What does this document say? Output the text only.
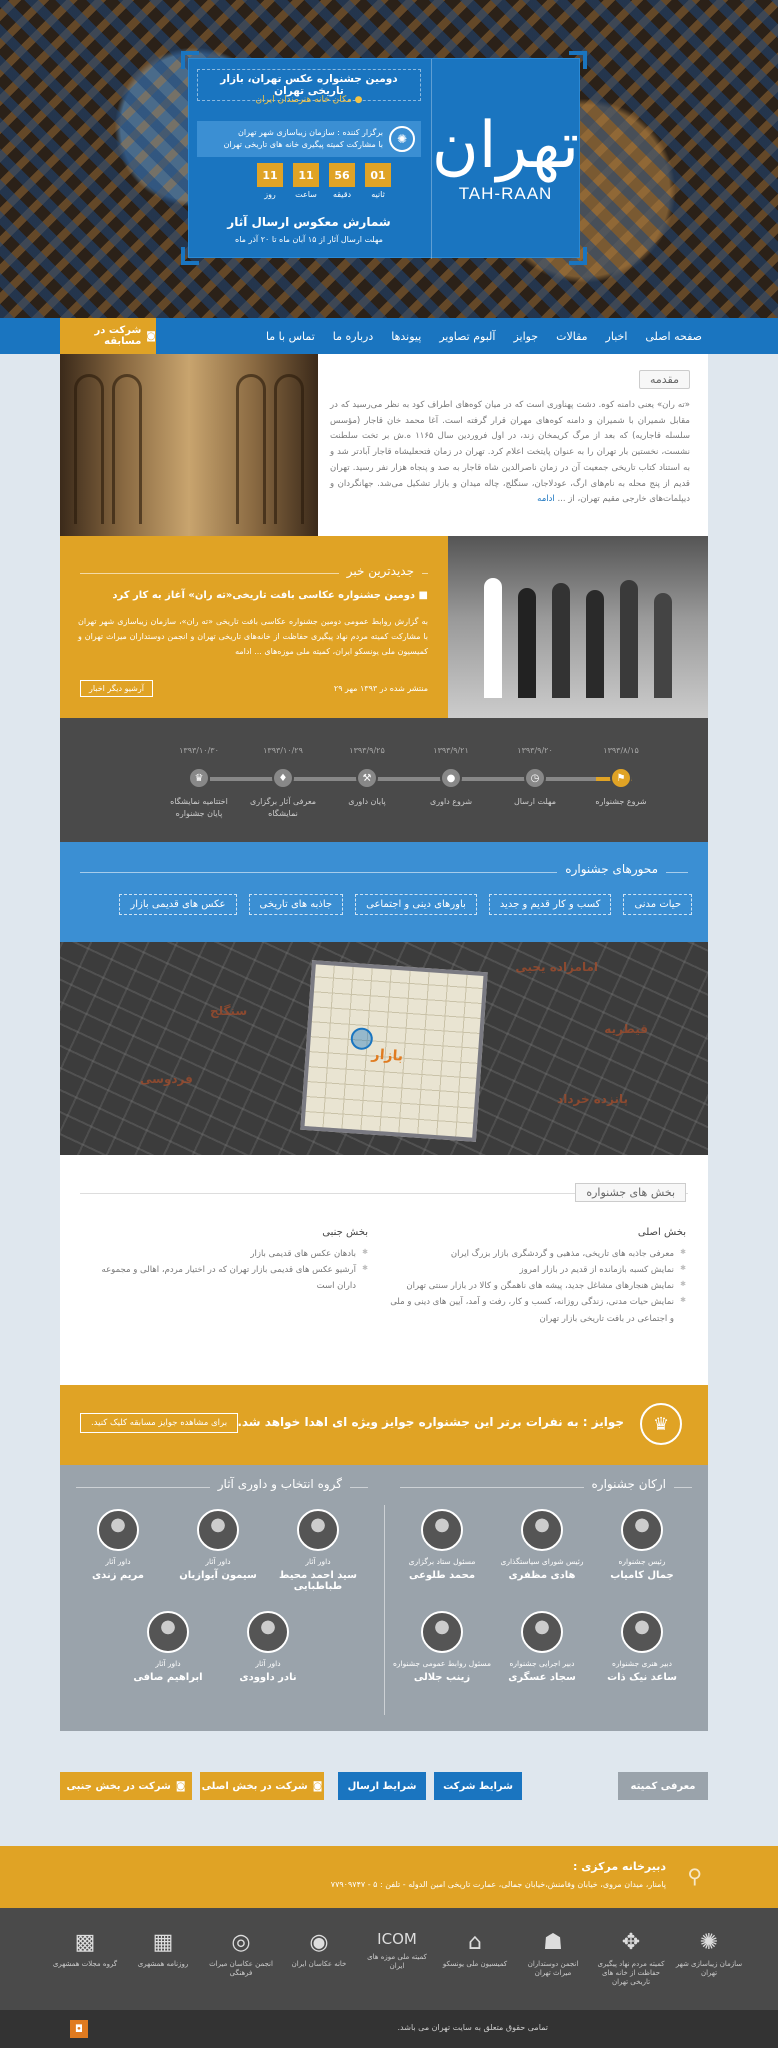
تهران
TAH-RAAN
دومین جشنواره عکس تهران، بازار تاریخی تهران
● مکان خانه هنرمندان ایران
✺
برگزار کننده : سازمان زیباسازی شهر تهران
با مشارکت کمیته پیگیری خانه های تاریخی تهران
01
ثانیه
56
دقیقه
11
ساعت
11
روز
شمارش معکوس ارسال آثار
مهلت ارسال آثار از ۱۵ آبان ماه تا ۲۰ آذر ماه
صفحه اصلی
اخبار
مقالات
جوایز
آلبوم تصاویر
پیوندها
درباره ما
تماس با ما
◙
شرکت در مسابقه
مقدمه
«ته ران» یعنی دامنه کوه. دشت پهناوری است که در میان کوه‌های اطراف کود به نظر می‌رسید که در مقابل شمیران با شمیران و دامنه کوه‌های مهران قرار گرفته است. آغا محمد خان قاجار (مؤسس سلسله قاجاریه) که بعد از مرگ کریمخان زند، در اول فروردین سال ۱۱۶۵ ه.ش بر تخت سلطنت نشست، نخستین بار تهران را به عنوان پایتخت اعلام کرد. تهران در زمان فتحعلیشاه قاجار آبادتر شد و به استناد کتاب تاریخی جمعیت آن در زمان ناصرالدین شاه قاجار به صد و پنجاه هزار نفر رسید. تهران قدیم از پنج محله به نام‌های ارگ، عودلاجان، سنگلج، چاله میدان و بازار تشکیل می‌شد. جهانگردان و دیپلمات‌های خارجی مقیم تهران، از ... ادامه
جدیدترین خبر
■ دومین جشنواره عکاسی بافت تاریخی«ته ران» آغاز به کار کرد
به گزارش روابط عمومی دومین جشنواره عکاسی بافت تاریخی «ته ران»، سازمان زیباسازی شهر تهران با مشارکت کمیته مردم نهاد پیگیری حفاظت از خانه‌های تاریخی تهران و انجمن دوستداران میراث تهران و کمیسیون ملی یونسکو ایران، کمیته ملی موزه‌های ... ادامه
منتشر شده در ۱۳۹۳ مهر ۲۹
آرشیو دیگر اخبار
۱۳۹۳/۸/۱۵
⚑
شروع جشنواره
۱۳۹۳/۹/۲۰
◷
مهلت ارسال
۱۳۹۳/۹/۲۱
●
شروع داوری
۱۳۹۳/۹/۲۵
⚒
پایان داوری
۱۳۹۳/۱۰/۲۹
♦
معرفی آثار برگزاری نمایشگاه
۱۳۹۳/۱۰/۳۰
♛
اختتامیه نمایشگاه پایان جشنواره
محورهای جشنواره
حیات مدنی
کسب و کار قدیم و جدید
باورهای دینی و اجتماعی
جاذبه های تاریخی
عکس های قدیمی بازار
امامزاده یحیی
سنگلج
قیطریه
فردوسی
پانزده خرداد
بازار
بخش های جشنواره
بخش اصلی
✱ معرفی جاذبه های تاریخی، مذهبی و گردشگری بازار بزرگ ایران
✱ نمایش کسبه بازمانده از قدیم در بازار امروز
✱ نمایش هنجارهای مشاغل جدید، پیشه های ناهمگن و کالا در بازار سنتی تهران
✱ نمایش حیات مدنی، زندگی روزانه، کسب و کار، رفت و آمد، آیین های دینی و ملی و اجتماعی در بافت تاریخی بازار تهران
بخش جنبی
✱ بادهان عکس های قدیمی بازار
✱ آرشیو عکس های قدیمی بازار تهران که در اختیار مردم، اهالی و مجموعه داران است
♛
جوایز : به نفرات برتر این جشنواره جوایز ویژه ای اهدا خواهد شد.
برای مشاهده جوایز مسابقه کلیک کنید.
ارکان جشنواره
گروه انتخاب و داوری آثار
رئیس جشنواره
جمال کامیاب
رئیس شورای سیاستگذاری
هادی مظفری
مسئول ستاد برگزاری
محمد طلوعی
دبیر هنری جشنواره
ساعد نیک ذات
دبیر اجرایی جشنواره
سجاد عسگری
مسئول روابط عمومی جشنواره
زینب جلالی
داور آثار
سید احمد محیط طباطبایی
داور آثار
سیمون آیوازیان
داور آثار
مریم زندی
داور آثار
نادر داوودی
داور آثار
ابراهیم صافی
معرفی کمیته
شرایط شرکت
شرایط ارسال
◙
شرکت در بخش اصلی
◙
شرکت در بخش جنبی
⚲
دبیرخانه مرکزی :
پامنار، میدان مروی، خیابان وفامنش،خیابان جمالی، عمارت تاریخی امین الدوله - تلفن : ۵ - ۷۷۹۰۹۷۴۷
✺
سازمان زیباسازی شهر تهران
✥
کمیته مردم نهاد پیگیری حفاظت از خانه های تاریخی تهران
☗
انجمن دوستداران میراث تهران
⌂
کمیسیون ملی یونسکو
ICOM
کمیته ملی موزه های ایران
◉
خانه عکاسان ایران
◎
انجمن عکاسان میراث فرهنگی
▦
روزنامه همشهری
▩
گروه مجلات همشهری
تمامی حقوق متعلق به سایت تهران می باشد.
◘
